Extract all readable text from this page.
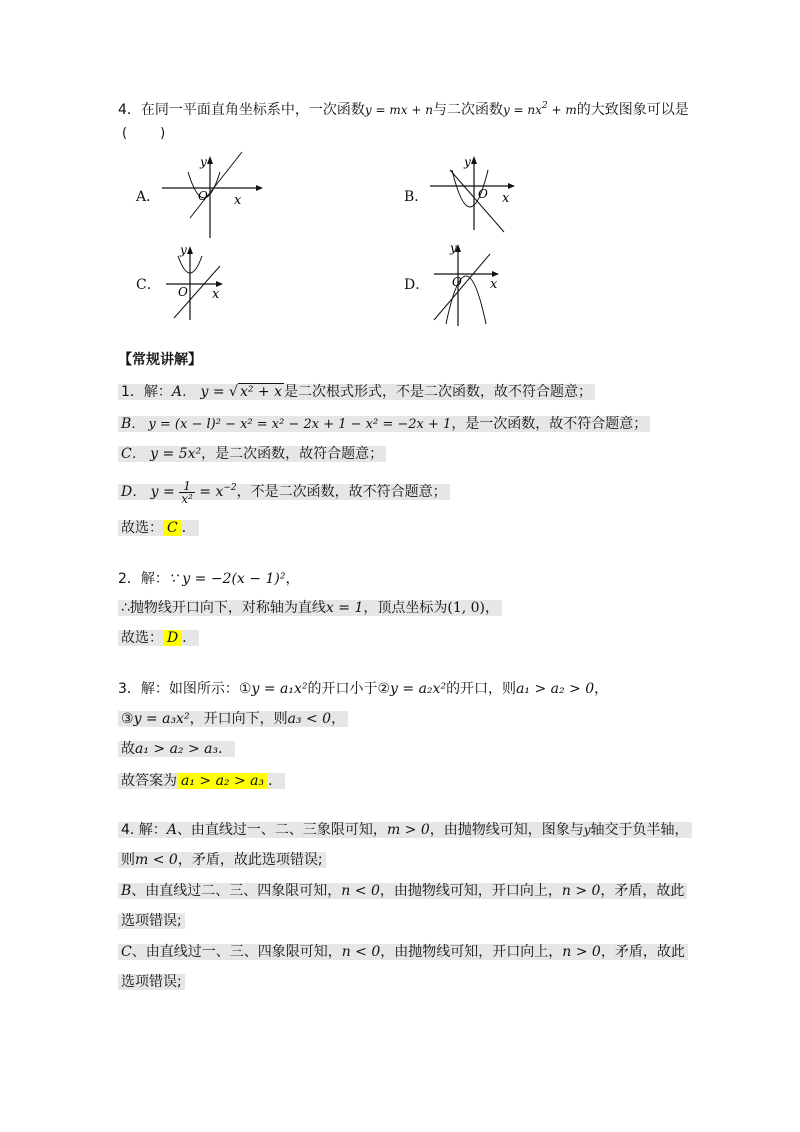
4．在同一平面直角坐标系中，一次函数y = mx + n与二次函数$y = nx^2 + m$的大致图象可以是
(        )
A．
y
x
O	B．
y
x
O
C．
y
x
O	D．
y
x
O
【常规讲解】
1．解：A． y = √ x² + x 是二次根式形式，不是二次函数，故不符合题意；
B． y = (x − l)² − x² = x² − 2x + 1 − x² = −2x + 1，是一次函数，故不符合题意；
C． y = 5x²，是二次函数，故符合题意；
D． $y = \frac{1}{\text{x²}} = x^{-2}$，不是二次函数，故不符合题意；
故选： C ．
2．解：∵ y = −2(x − 1)²，
∴抛物线开口向下，对称轴为直线x = 1，顶点坐标为(1, 0)，
故选： D ．
3．解：如图所示：①y = a₁x²的开口小于②y = a₂x²的开口，则a₁ > a₂ > 0，
③y = a₃x²，开口向下，则a₃ < 0，
故a₁ > a₂ > a₃．
故答案为 a₁ > a₂ > a₃ ．
4. 解：A、由直线过一、二、三象限可知，m > 0，由抛物线可知，图象与y轴交于负半轴，
则m < 0，矛盾，故此选项错误;
B、由直线过二、三、四象限可知，n < 0，由抛物线可知，开口向上，n > 0，矛盾，故此
选项错误;
C、由直线过一、三、四象限可知，n < 0，由抛物线可知，开口向上，n > 0，矛盾，故此
选项错误;
